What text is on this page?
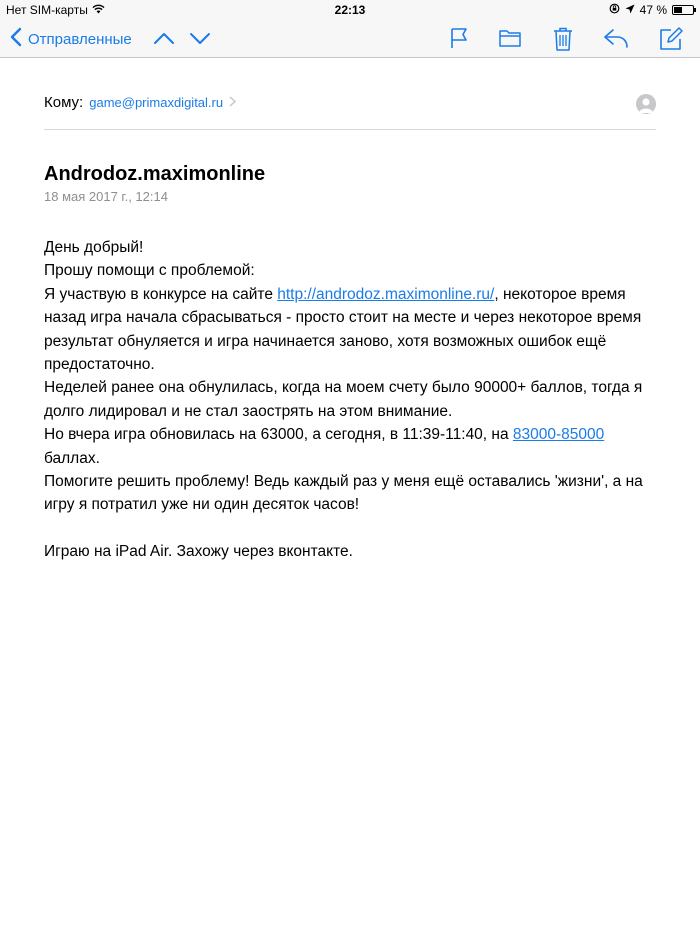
Нет SIM-карты	22:13	47 %
Отправленные
Кому: game@primaxdigital.ru
Androdoz.maximonline
18 мая 2017 г., 12:14

День добрый!

Прошу помощи с проблемой:

Я участвую в конкурсе на сайте http://androdoz.maximonline.ru/, некоторое время назад игра начала сбрасываться - просто стоит на месте и через некоторое время результат обнуляется и игра начинается заново, хотя возможных ошибок ещё предостаточно.

Неделей ранее она обнулилась, когда на моем счету было 90000+ баллов, тогда я долго лидировал и не стал заострять на этом внимание.

Но вчера игра обновилась на 63000, а сегодня, в 11:39-11:40, на 83000-85000 баллах.

Помогите решить проблему! Ведь каждый раз у меня ещё оставались 'жизни', а на игру я потратил уже ни один десяток часов!

Играю на iPad Air. Захожу через вконтакте.
